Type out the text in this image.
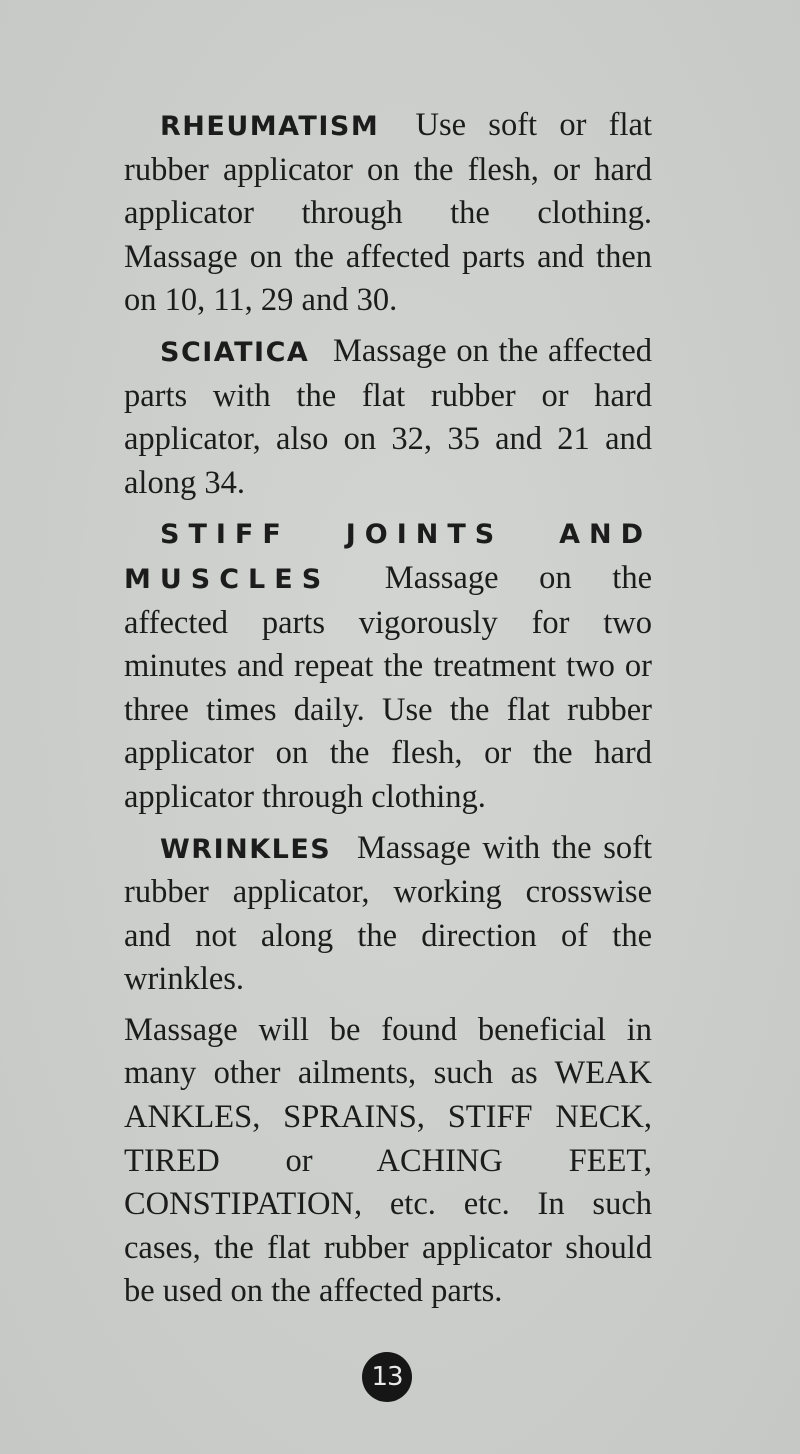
RHEUMATISM Use soft or flat rubber applicator on the flesh, or hard applicator through the clothing. Massage on the affected parts and then on 10, 11, 29 and 30.

SCIATICA Massage on the affected parts with the flat rubber or hard applicator, also on 32, 35 and 21 and along 34.

STIFF JOINTS AND MUSCLES Massage on the affected parts vigorously for two minutes and repeat the treatment two or three times daily. Use the flat rubber applicator on the flesh, or the hard applicator through clothing.

WRINKLES Massage with the soft rubber applicator, working crosswise and not along the direction of the wrinkles.

Massage will be found beneficial in many other ailments, such as WEAK ANKLES, SPRAINS, STIFF NECK, TIRED or ACHING FEET, CONSTIPATION, etc. etc. In such cases, the flat rubber applicator should be used on the affected parts.

13
